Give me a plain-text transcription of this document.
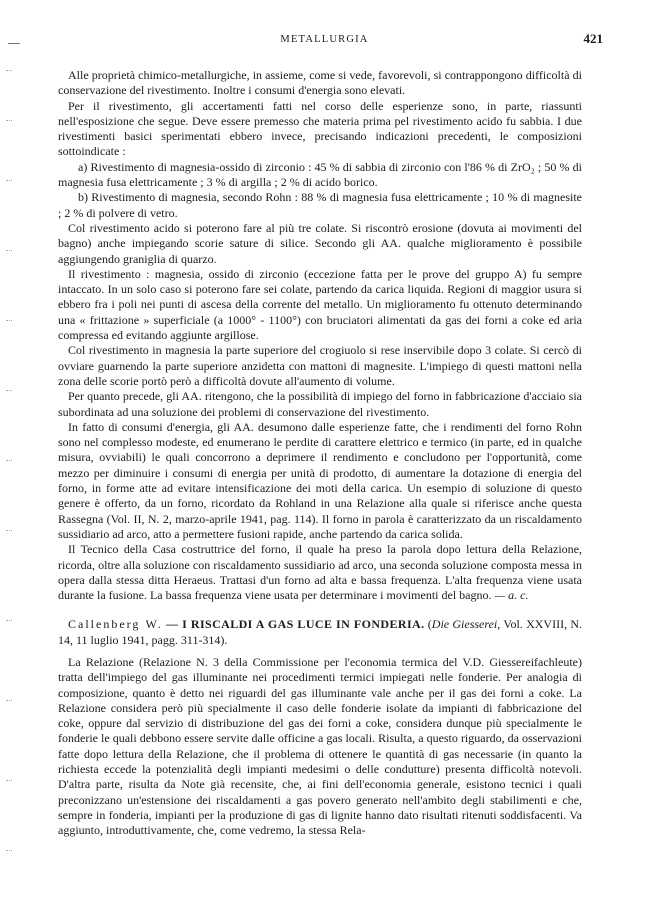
METALLURGIA	421

Alle proprietà chimico-metallurgiche, in assieme, come si vede, favorevoli, si contrappongono difficoltà di conservazione del rivestimento. Inoltre i consumi d'energia sono elevati.

Per il rivestimento, gli accertamenti fatti nel corso delle esperienze sono, in parte, riassunti nell'esposizione che segue. Deve essere premesso che materia prima pel rivestimento acido fu sabbia. I due rivestimenti basici sperimentati ebbero invece, precisando indicazioni precedenti, le composizioni sottoindicate :

a) Rivestimento di magnesia-ossido di zirconio : 45 % di sabbia di zirconio con l'86 % di ZrO₂ ; 50 % di magnesia fusa elettricamente ; 3 % di argilla ; 2 % di acido borico.

b) Rivestimento di magnesia, secondo Rohn : 88 % di magnesia fusa elettricamente ; 10 % di magnesite ; 2 % di polvere di vetro.

Col rivestimento acido si poterono fare al più tre colate. Si riscontrò erosione (dovuta ai movimenti del bagno) anche impiegando scorie sature di silice. Secondo gli AA. qualche miglioramento è possibile aggiungendo graniglia di quarzo.

Il rivestimento : magnesia, ossido di zirconio (eccezione fatta per le prove del gruppo A) fu sempre intaccato. In un solo caso si poterono fare sei colate, partendo da carica liquida. Regioni di maggior usura si ebbero fra i poli nei punti di ascesa della corrente del metallo. Un miglioramento fu ottenuto determinando una « frittazione » superficiale (a 1000° - 1100°) con bruciatori alimentati da gas dei forni a coke ed aria compressa ed evitando aggiunte argillose.

Col rivestimento in magnesia la parte superiore del crogiuolo si rese inservibile dopo 3 colate. Si cercò di ovviare guarnendo la parte superiore anzidetta con mattoni di magnesite. L'impiego di questi mattoni nella zona delle scorie portò però a difficoltà dovute all'aumento di volume.

Per quanto precede, gli AA. ritengono, che la possibilità di impiego del forno in fabbricazione d'acciaio sia subordinata ad una soluzione dei problemi di conservazione del rivestimento.

In fatto di consumi d'energia, gli AA. desumono dalle esperienze fatte, che i rendimenti del forno Rohn sono nel complesso modeste, ed enumerano le perdite di carattere elettrico e termico (in parte, ed in qualche misura, ovviabili) le quali concorrono a deprimere il rendimento e concludono per l'opportunità, come mezzo per diminuire i consumi di energia per unità di prodotto, di aumentare la dotazione di energia del forno, in forme atte ad evitare intensificazione dei moti della carica. Un esempio di soluzione di questo genere è offerto, da un forno, ricordato da Rohland in una Relazione alla quale si riferisce anche questa Rassegna (Vol. II, N. 2, marzo-aprile 1941, pag. 114). Il forno in parola è caratterizzato da un riscaldamento sussidiario ad arco, atto a permettere fusioni rapide, anche partendo da carica solida.

Il Tecnico della Casa costruttrice del forno, il quale ha preso la parola dopo lettura della Relazione, ricorda, oltre alla soluzione con riscaldamento sussidiario ad arco, una seconda soluzione composta messa in opera dalla stessa ditta Heraeus. Trattasi d'un forno ad alta e bassa frequenza. L'alta frequenza viene usata durante la fusione. La bassa frequenza viene usata per determinare i movimenti del bagno. — a. c.

Callenberg W. — I RISCALDI A GAS LUCE IN FONDERIA. (Die Giesserei, Vol. XXVIII, N. 14, 11 luglio 1941, pagg. 311-314).

La Relazione (Relazione N. 3 della Commissione per l'economia termica del V.D. Giessereifachleute) tratta dell'impiego del gas illuminante nei procedimenti termici impiegati nelle fonderie. Per analogia di composizione, quanto è detto nei riguardi del gas illuminante vale anche per il gas dei forni a coke. La Relazione considera però più specialmente il caso delle fonderie isolate da impianti di fabbricazione del coke, oppure dal servizio di distribuzione del gas dei forni a coke, considera dunque più specialmente le fonderie le quali debbono essere servite dalle officine a gas locali. Risulta, a questo riguardo, da osservazioni fatte dopo lettura della Relazione, che il problema di ottenere le quantità di gas necessarie (in quanto la richiesta eccede la potenzialità degli impianti medesimi o delle condutture) presenta difficoltà notevoli. D'altra parte, risulta da Note già recensite, che, ai fini dell'economia generale, esistono tecnici i quali preconizzano un'estensione dei riscaldamenti a gas povero generato nell'ambito degli stabilimenti e che, sempre in fonderia, impianti per la produzione di gas di lignite hanno dato risultati ritenuti soddisfacenti. Va aggiunto, introduttivamente, che, come vedremo, la stessa Rela-
